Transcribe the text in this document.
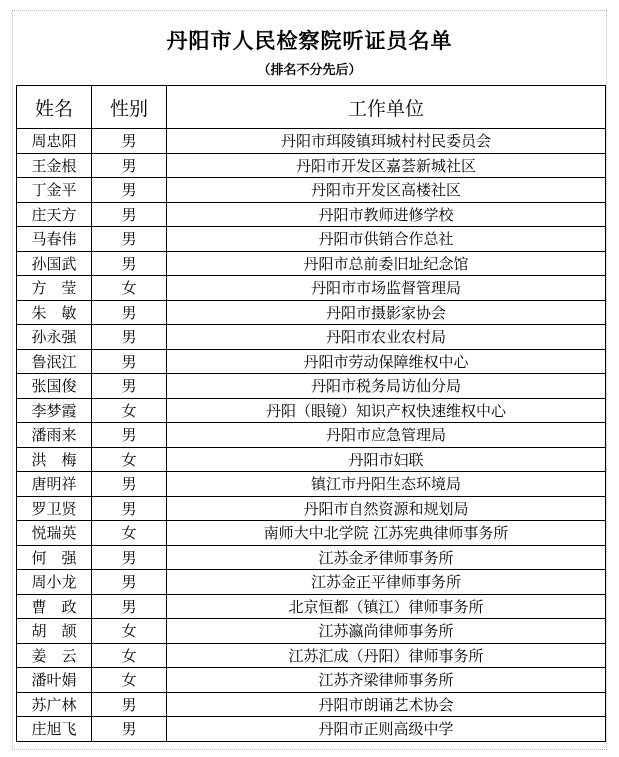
丹阳市人民检察院听证员名单
（排名不分先后）
姓名	性别	工作单位
周忠阳	男	丹阳市珥陵镇珥城村村民委员会
王金根	男	丹阳市开发区嘉荟新城社区
丁金平	男	丹阳市开发区高楼社区
庄天方	男	丹阳市教师进修学校
马春伟	男	丹阳市供销合作总社
孙国武	男	丹阳市总前委旧址纪念馆
方　莹	女	丹阳市市场监督管理局
朱　敏	男	丹阳市摄影家协会
孙永强	男	丹阳市农业农村局
鲁泯江	男	丹阳市劳动保障维权中心
张国俊	男	丹阳市税务局访仙分局
李梦霞	女	丹阳（眼镜）知识产权快速维权中心
潘雨来	男	丹阳市应急管理局
洪　梅	女	丹阳市妇联
唐明祥	男	镇江市丹阳生态环境局
罗卫贤	男	丹阳市自然资源和规划局
悦瑞英	女	南师大中北学院 江苏宪典律师事务所
何　强	男	江苏金矛律师事务所
周小龙	男	江苏金正平律师事务所
曹　政	男	北京恒都（镇江）律师事务所
胡　颉	女	江苏瀛尚律师事务所
姜　云	女	江苏汇成（丹阳）律师事务所
潘叶娟	女	江苏齐梁律师事务所
苏广林	男	丹阳市朗诵艺术协会
庄旭飞	男	丹阳市正则高级中学
